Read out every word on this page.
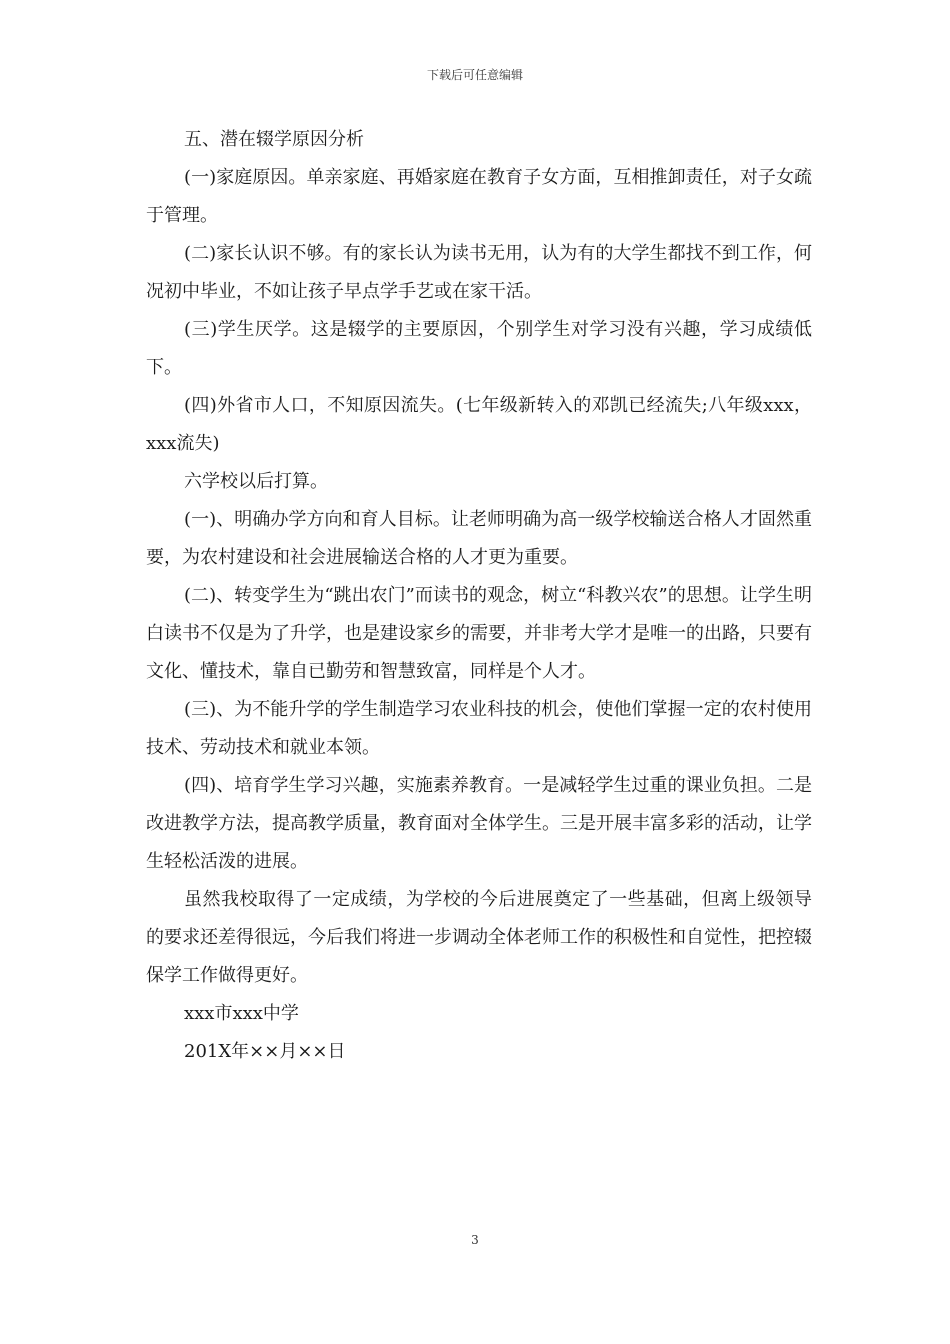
下载后可任意编辑

五、潜在辍学原因分析

(一)家庭原因。单亲家庭、再婚家庭在教育子女方面，互相推卸责任，对子女疏于管理。

(二)家长认识不够。有的家长认为读书无用，认为有的大学生都找不到工作，何况初中毕业，不如让孩子早点学手艺或在家干活。

(三)学生厌学。这是辍学的主要原因，个别学生对学习没有兴趣，学习成绩低下。

(四)外省市人口，不知原因流失。(七年级新转入的邓凯已经流失;八年级xxx，xxx流失)

六学校以后打算。

(一)、明确办学方向和育人目标。让老师明确为高一级学校输送合格人才固然重要，为农村建设和社会进展输送合格的人才更为重要。

(二)、转变学生为“跳出农门”而读书的观念，树立“科教兴农”的思想。让学生明白读书不仅是为了升学，也是建设家乡的需要，并非考大学才是唯一的出路，只要有文化、懂技术，靠自已勤劳和智慧致富，同样是个人才。

(三)、为不能升学的学生制造学习农业科技的机会，使他们掌握一定的农村使用技术、劳动技术和就业本领。

(四)、培育学生学习兴趣，实施素养教育。一是减轻学生过重的课业负担。二是改进教学方法，提高教学质量，教育面对全体学生。三是开展丰富多彩的活动，让学生轻松活泼的进展。

虽然我校取得了一定成绩，为学校的今后进展奠定了一些基础，但离上级领导的要求还差得很远，今后我们将进一步调动全体老师工作的积极性和自觉性，把控辍保学工作做得更好。

xxx市xxx中学

201X年××月××日

3
